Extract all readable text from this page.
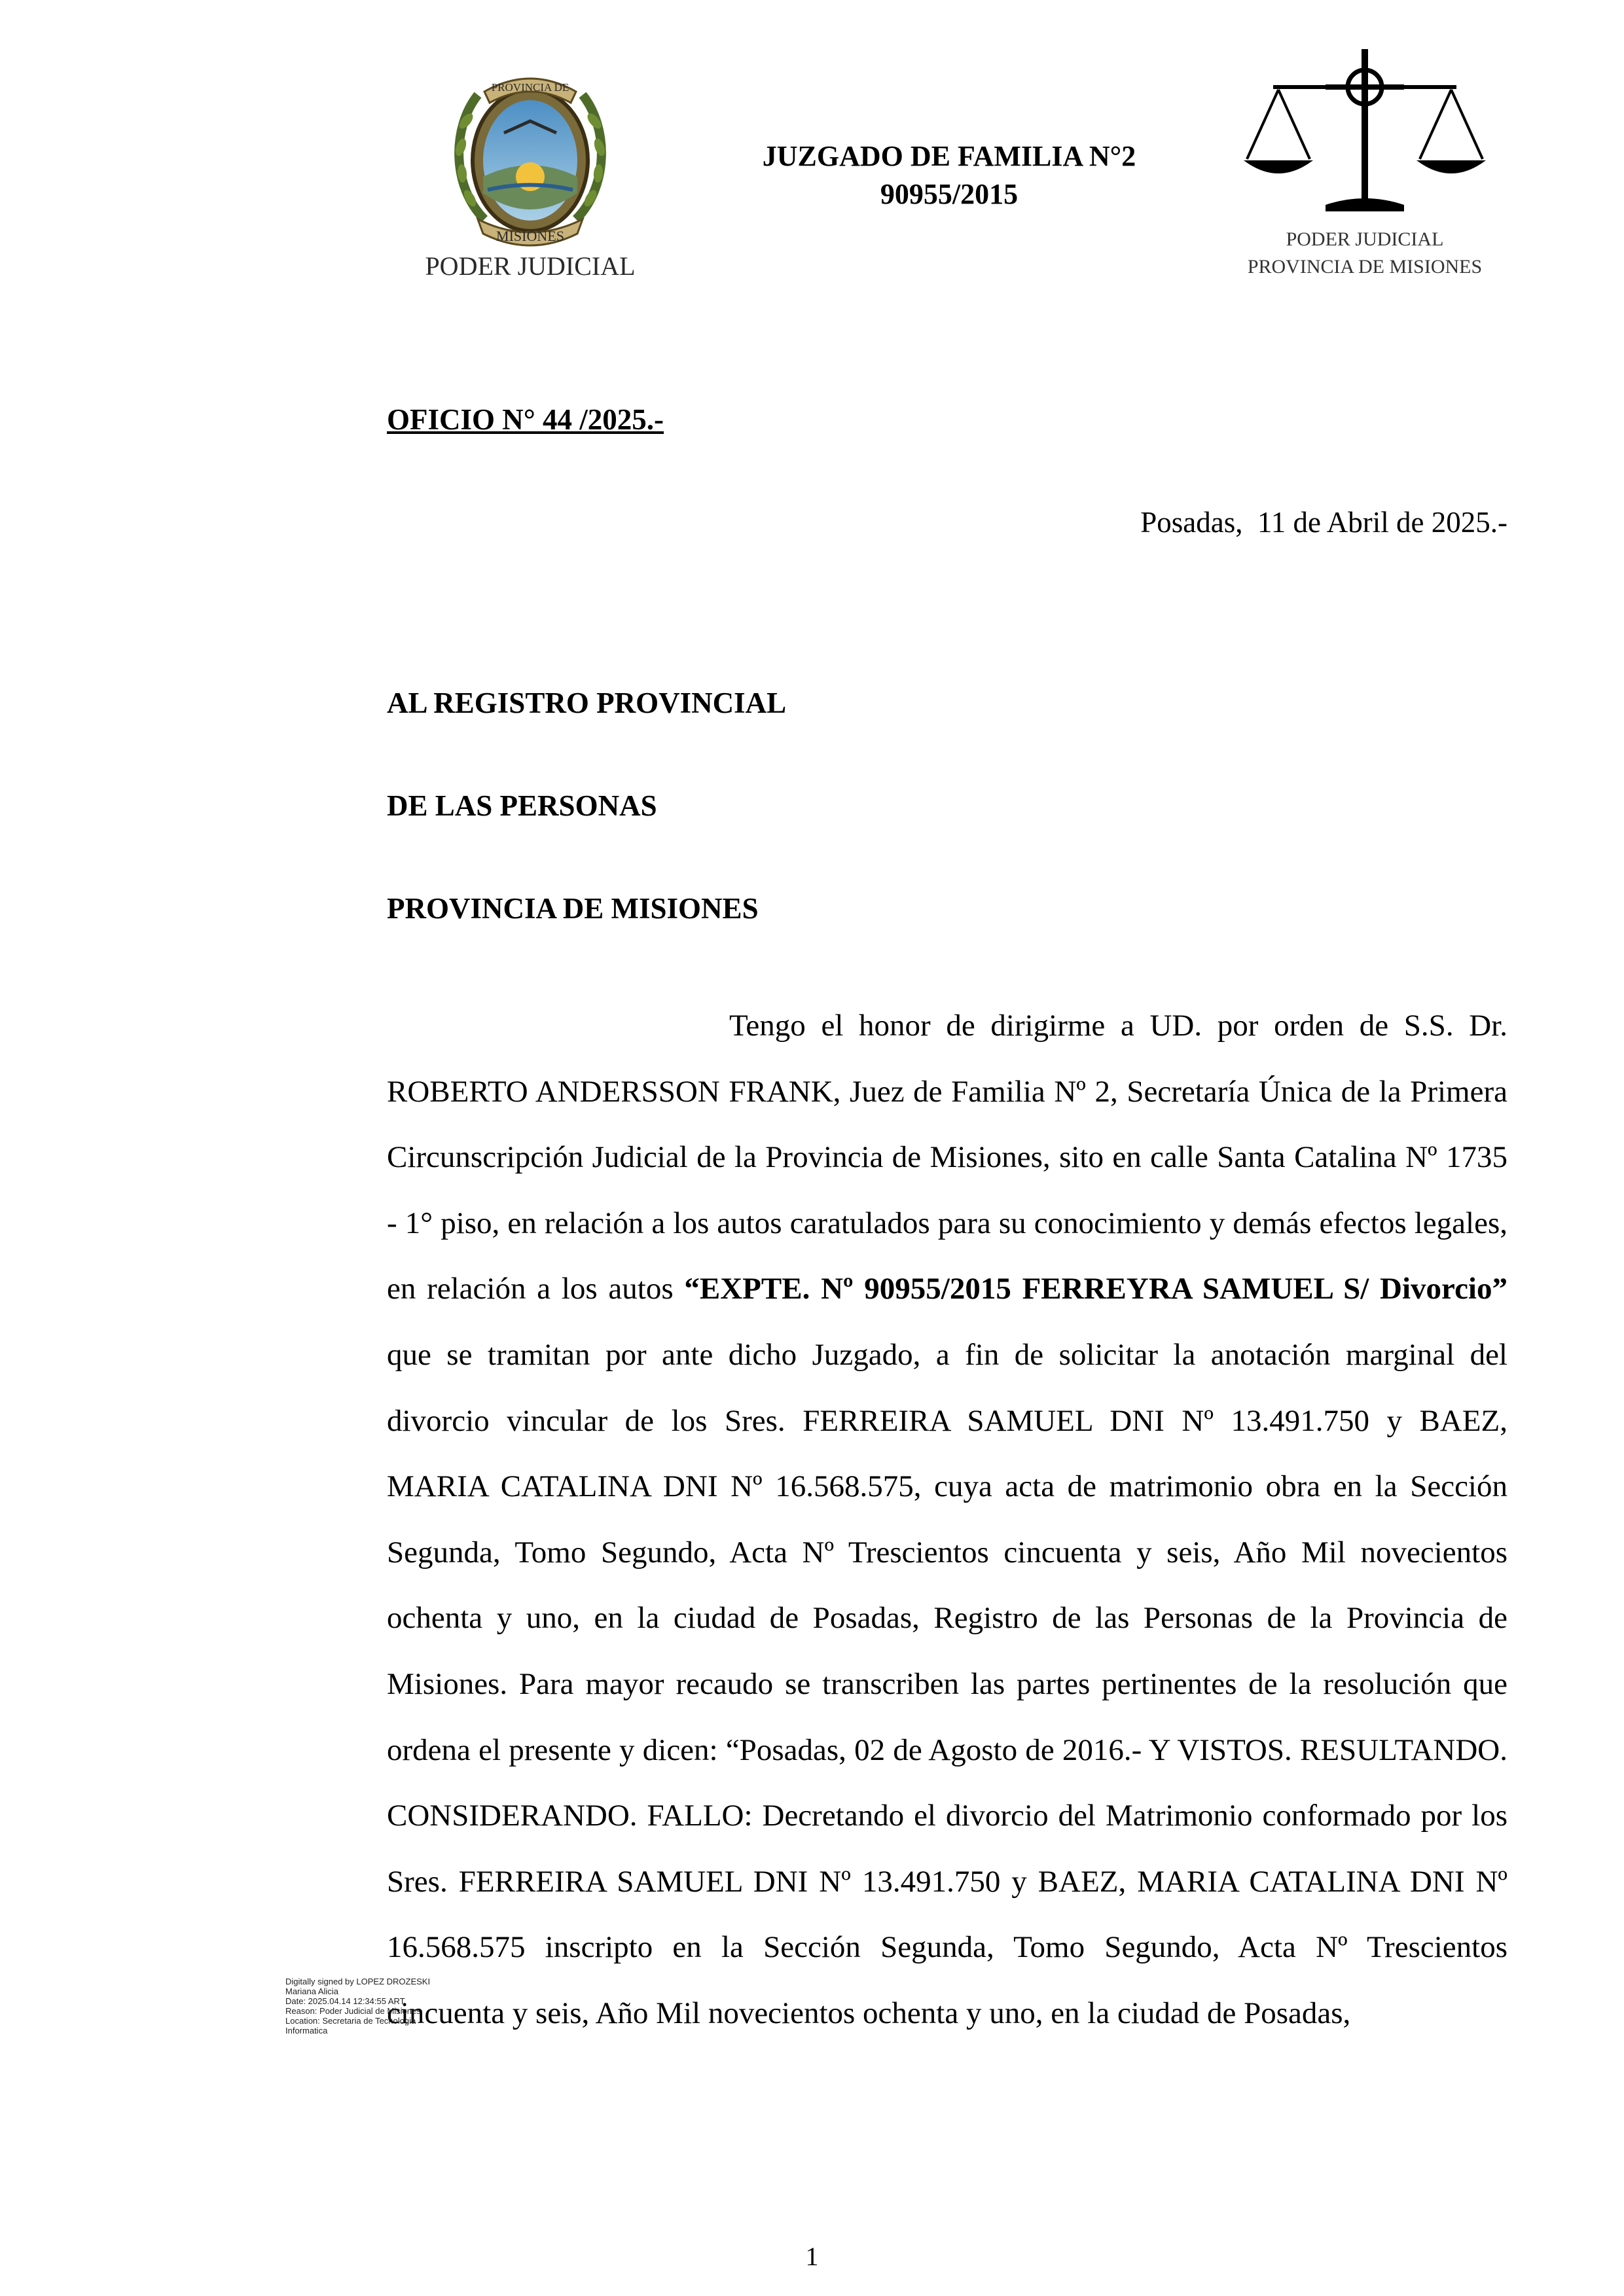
PROVINCIA DE
MISIONES
PODER JUDICIAL
JUZGADO DE FAMILIA N°2
90955/2015
PODER JUDICIAL
PROVINCIA DE MISIONES
OFICIO N° 44 /2025.-
Posadas,  11 de Abril de 2025.-
AL REGISTRO PROVINCIAL
DE LAS PERSONAS
PROVINCIA DE MISIONES
Tengo el honor de dirigirme a UD. por orden de S.S. Dr. ROBERTO ANDERSSON FRANK, Juez de Familia Nº 2, Secretaría Única de la Primera Circunscripción Judicial de la Provincia de Misiones, sito en calle Santa Catalina Nº 1735 - 1° piso, en relación a los autos caratulados para su conocimiento y demás efectos legales, en relación a los autos “EXPTE. Nº 90955/2015 FERREYRA SAMUEL S/ Divorcio” que se tramitan por ante dicho Juzgado, a fin de solicitar la anotación marginal del divorcio vincular de los Sres. FERREIRA SAMUEL DNI Nº 13.491.750 y BAEZ, MARIA CATALINA DNI Nº 16.568.575, cuya acta de matrimonio obra en la Sección Segunda, Tomo Segundo, Acta Nº Trescientos cincuenta y seis, Año Mil novecientos ochenta y uno, en la ciudad de Posadas, Registro de las Personas de la Provincia de Misiones. Para mayor recaudo se transcriben las partes pertinentes de la resolución que ordena el presente y dicen: “Posadas, 02 de Agosto de 2016.- Y VISTOS. RESULTANDO. CONSIDERANDO. FALLO: Decretando el divorcio del Matrimonio conformado por los Sres. FERREIRA SAMUEL DNI Nº 13.491.750 y BAEZ, MARIA CATALINA DNI Nº 16.568.575 inscripto en la Sección Segunda, Tomo Segundo, Acta Nº Trescientos cincuenta y seis, Año Mil novecientos ochenta y uno, en la ciudad de Posadas,
Digitally signed by LOPEZ DROZESKI
Mariana Alicia
Date: 2025.04.14 12:34:55 ART
Reason: Poder Judicial de Misiones
Location: Secretaria de Tecnologia
Informatica
1
